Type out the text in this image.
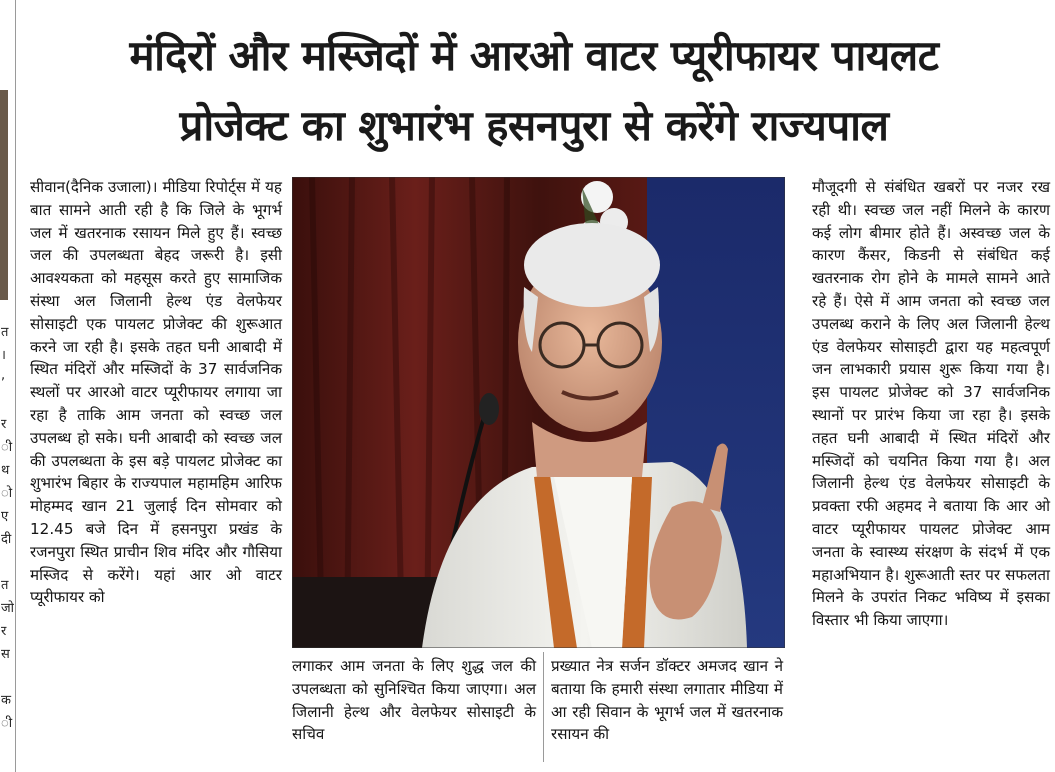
त
।
,
र
ी
थ
ो
ए
दी
त
जो
र
स
क
ी
मंदिरों और मस्जिदों में आरओ वाटर प्यूरीफायर पायलट
प्रोजेक्ट का शुभारंभ हसनपुरा से करेंगे राज्यपाल

सीवान(दैनिक उजाला)। मीडिया रिपोर्ट्स में यह बात सामने आती रही है कि जिले के भूगर्भ जल में खतरनाक रसायन मिले हुए हैं। स्वच्छ जल की उपलब्धता बेहद जरूरी है। इसी आवश्यकता को महसूस करते हुए सामाजिक संस्था अल जिलानी हेल्थ एंड वेलफेयर सोसाइटी एक पायलट प्रोजेक्ट की शुरूआत करने जा रही है। इसके तहत घनी आबादी में स्थित मंदिरों और मस्जिदों के 37 सार्वजनिक स्थलों पर आरओ वाटर प्यूरीफायर लगाया जा रहा है ताकि आम जनता को स्वच्छ जल उपलब्ध हो सके। घनी आबादी को स्वच्छ जल की उपलब्धता के इस बड़े पायलट प्रोजेक्ट का शुभारंभ बिहार के राज्यपाल महामहिम आरिफ मोहम्मद खान 21 जुलाई दिन सोमवार को 12.45 बजे दिन में हसनपुरा प्रखंड के रजनपुरा स्थित प्राचीन शिव मंदिर और गौसिया मस्जिद से करेंगे। यहां आर ओ वाटर प्यूरीफायर को

लगाकर आम जनता के लिए शुद्ध जल की उपलब्धता को सुनिश्चित किया जाएगा। अल जिलानी हेल्थ और वेलफेयर सोसाइटी के सचिव

प्रख्यात नेत्र सर्जन डॉक्टर अमजद खान ने बताया कि हमारी संस्था लगातार मीडिया में आ रही सिवान के भूगर्भ जल में खतरनाक रसायन की

मौजूदगी से संबंधित खबरों पर नजर रख रही थी। स्वच्छ जल नहीं मिलने के कारण कई लोग बीमार होते हैं। अस्वच्छ जल के कारण कैंसर, किडनी से संबंधित कई खतरनाक रोग होने के मामले सामने आते रहे हैं। ऐसे में आम जनता को स्वच्छ जल उपलब्ध कराने के लिए अल जिलानी हेल्थ एंड वेलफेयर सोसाइटी द्वारा यह महत्वपूर्ण जन लाभकारी प्रयास शुरू किया गया है। इस पायलट प्रोजेक्ट को 37 सार्वजनिक स्थानों पर प्रारंभ किया जा रहा है। इसके तहत घनी आबादी में स्थित मंदिरों और मस्जिदों को चयनित किया गया है। अल जिलानी हेल्थ एंड वेलफेयर सोसाइटी के प्रवक्ता रफी अहमद ने बताया कि आर ओ वाटर प्यूरीफायर पायलट प्रोजेक्ट आम जनता के स्वास्थ्य संरक्षण के संदर्भ में एक महाअभियान है। शुरूआती स्तर पर सफलता मिलने के उपरांत निकट भविष्य में इसका विस्तार भी किया जाएगा।
